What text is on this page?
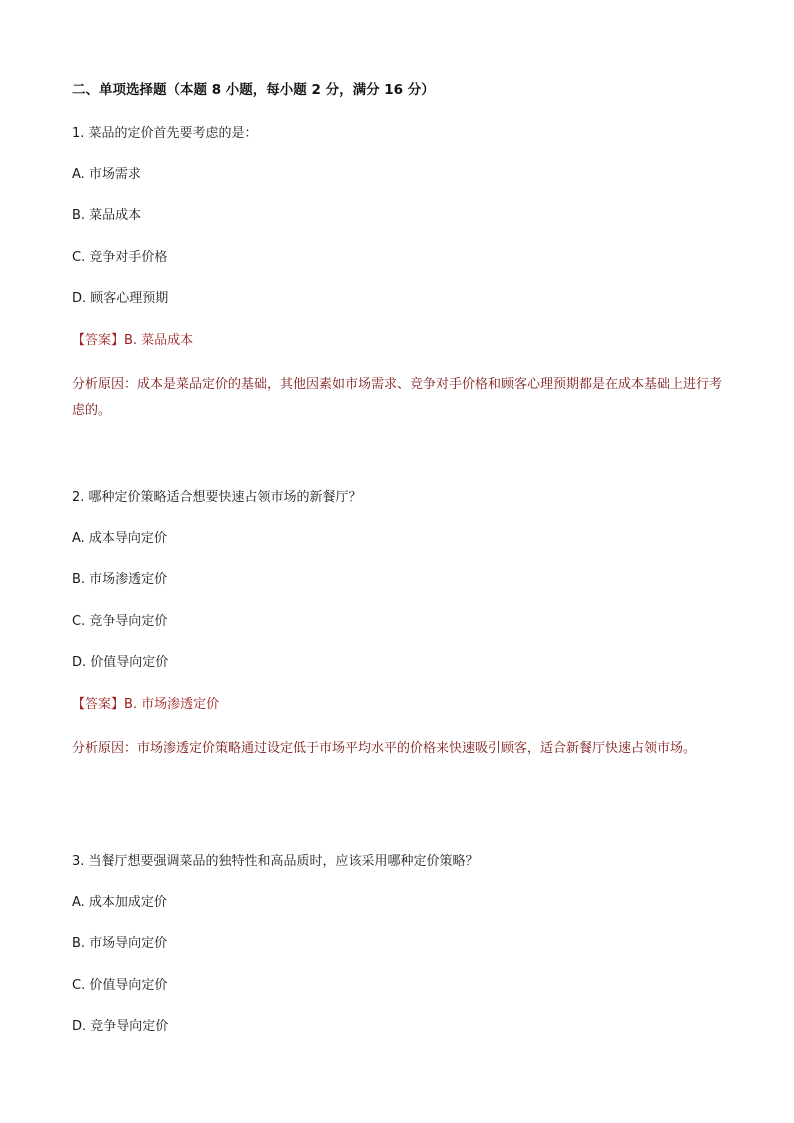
二、单项选择题（本题 8 小题，每小题 2 分，满分 16 分）
1. 菜品的定价首先要考虑的是：
A. 市场需求
B. 菜品成本
C. 竞争对手价格
D. 顾客心理预期
【答案】B. 菜品成本
分析原因：成本是菜品定价的基础，其他因素如市场需求、竞争对手价格和顾客心理预期都是在成本基础上进行考虑的。
2. 哪种定价策略适合想要快速占领市场的新餐厅？
A. 成本导向定价
B. 市场渗透定价
C. 竞争导向定价
D. 价值导向定价
【答案】B. 市场渗透定价
分析原因：市场渗透定价策略通过设定低于市场平均水平的价格来快速吸引顾客，适合新餐厅快速占领市场。
3. 当餐厅想要强调菜品的独特性和高品质时，应该采用哪种定价策略？
A. 成本加成定价
B. 市场导向定价
C. 价值导向定价
D. 竞争导向定价
